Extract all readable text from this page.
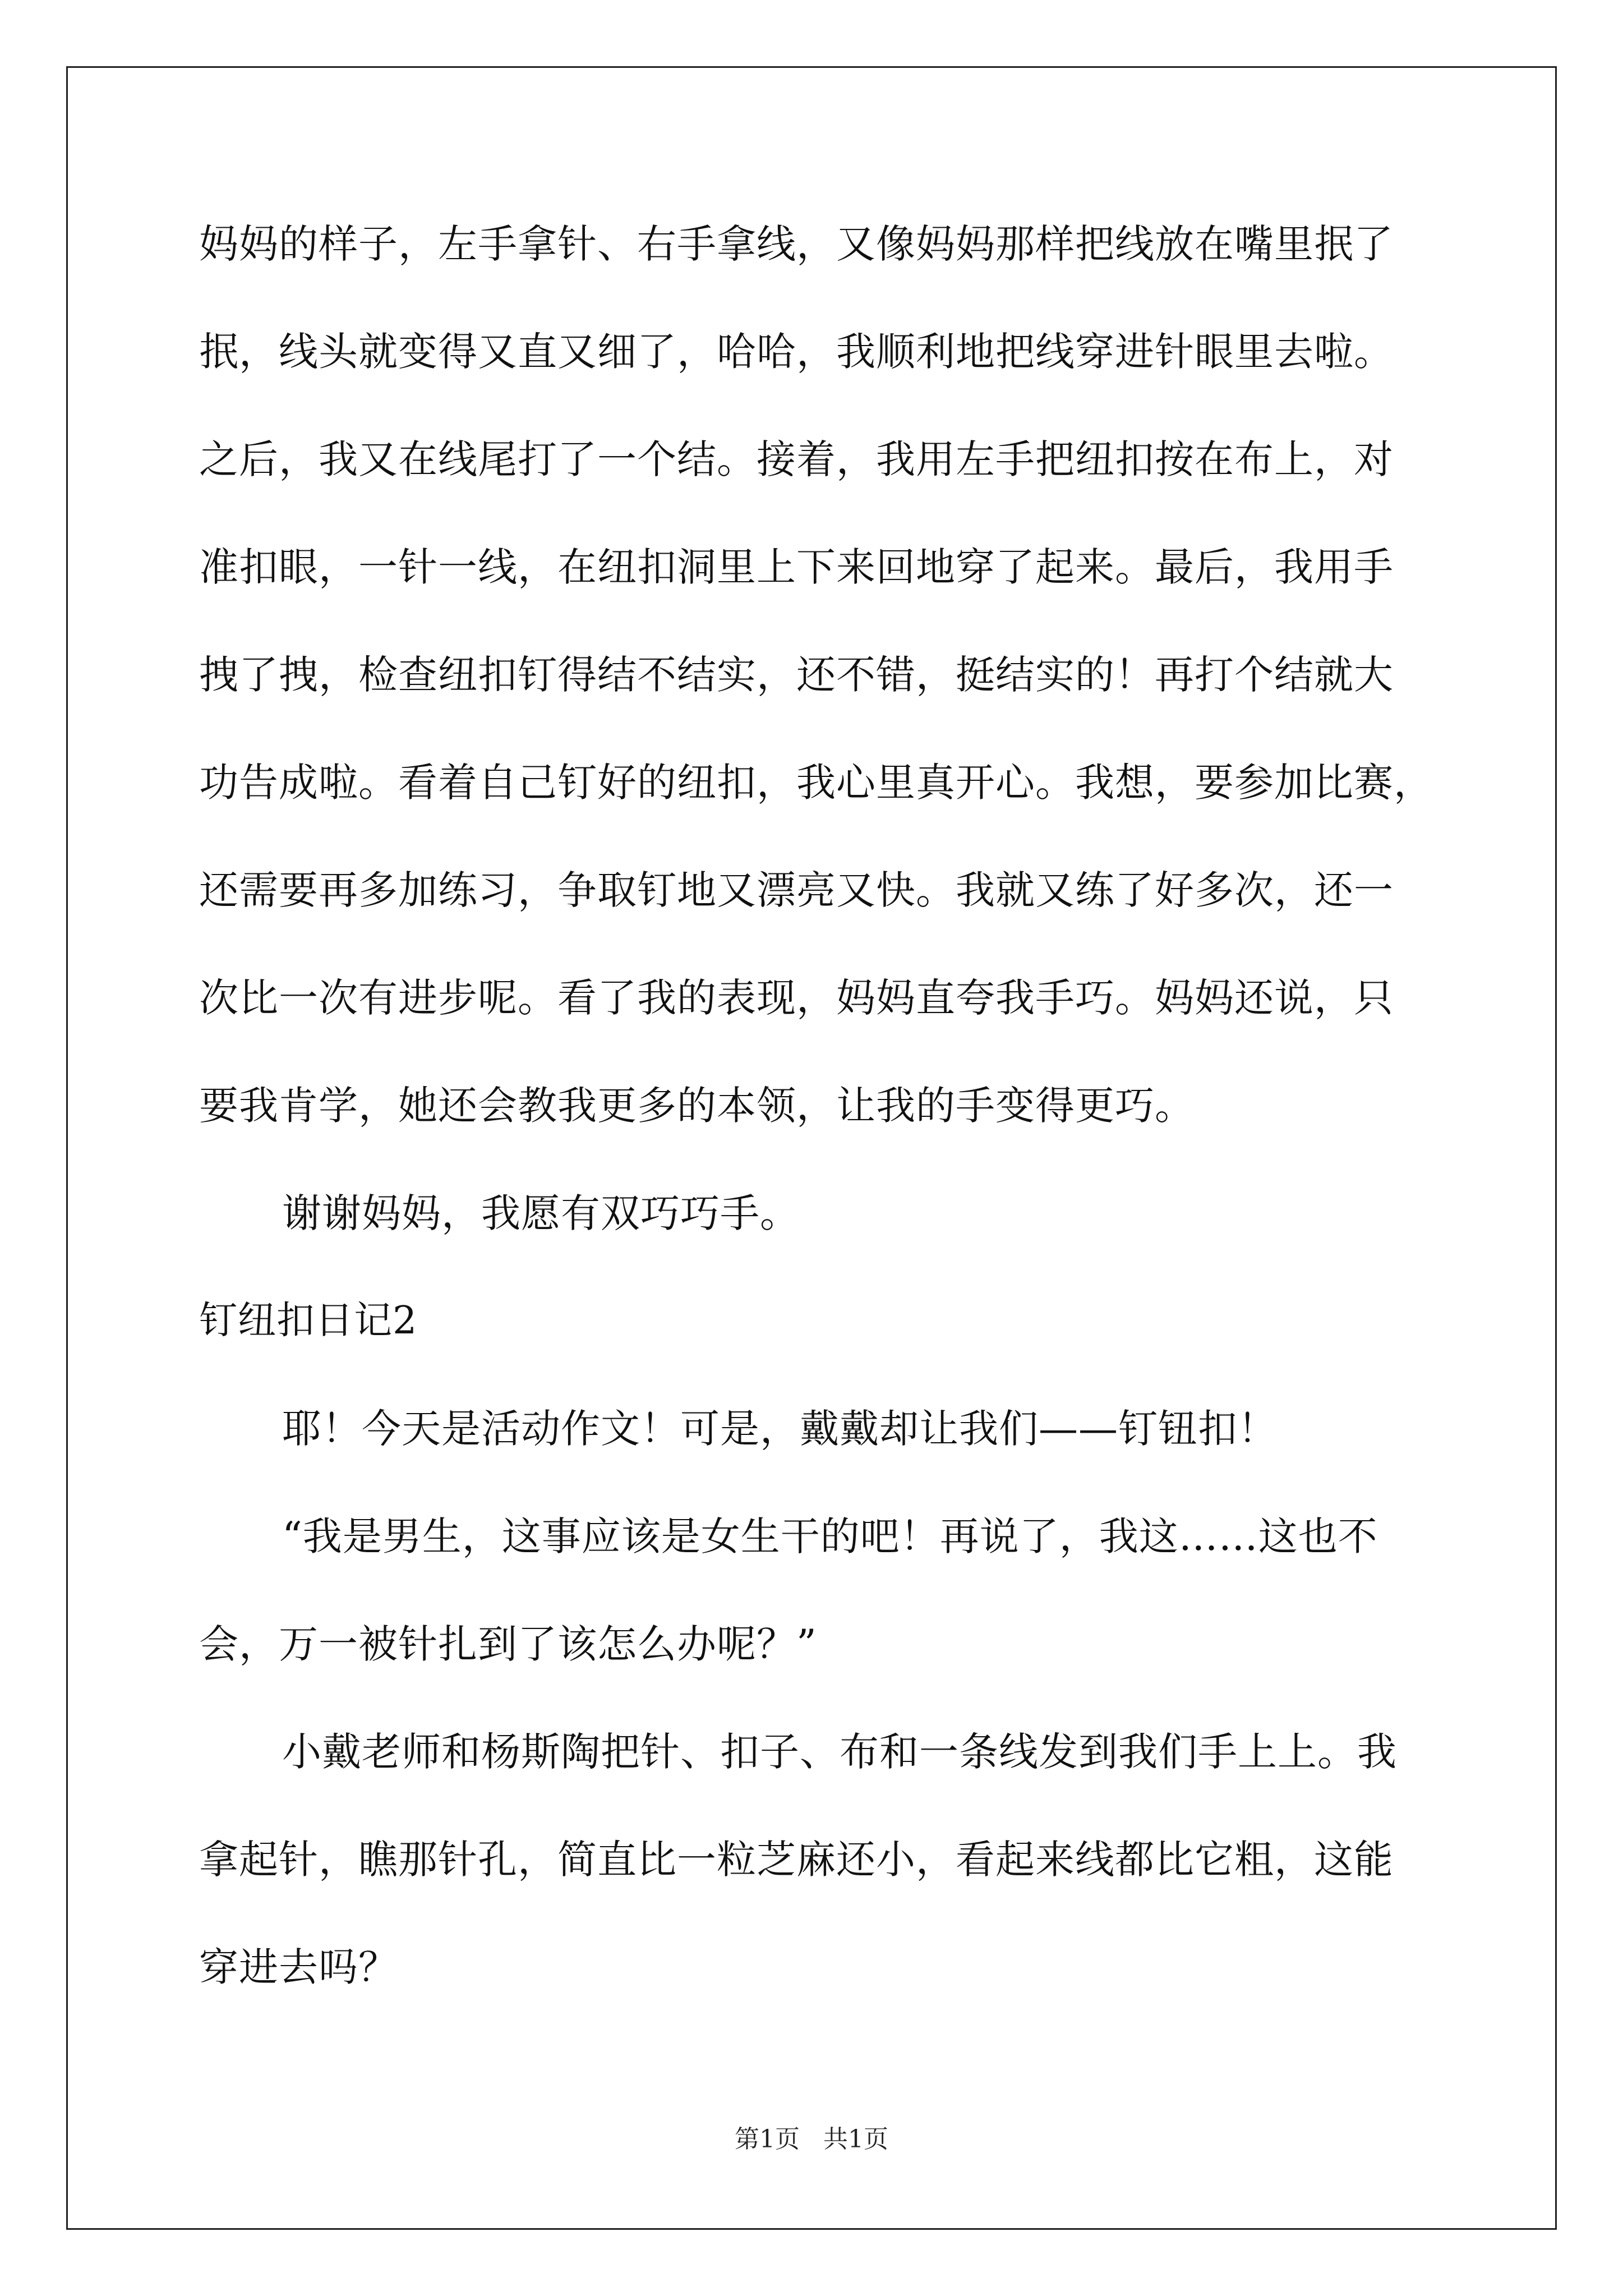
妈妈的样子，左手拿针、右手拿线，又像妈妈那样把线放在嘴里抿了
抿，线头就变得又直又细了，哈哈，我顺利地把线穿进针眼里去啦。
之后，我又在线尾打了一个结。接着，我用左手把纽扣按在布上，对
准扣眼，一针一线，在纽扣洞里上下来回地穿了起来。最后，我用手
拽了拽，检查纽扣钉得结不结实，还不错，挺结实的！再打个结就大
功告成啦。看着自己钉好的纽扣，我心里真开心。我想，要参加比赛，
还需要再多加练习，争取钉地又漂亮又快。我就又练了好多次，还一
次比一次有进步呢。看了我的表现，妈妈直夸我手巧。妈妈还说，只
要我肯学，她还会教我更多的本领，让我的手变得更巧。
谢谢妈妈，我愿有双巧巧手。
钉纽扣日记2
耶！今天是活动作文！可是，戴戴却让我们——钉钮扣！
“我是男生，这事应该是女生干的吧！再说了，我这……这也不
会，万一被针扎到了该怎么办呢？”
小戴老师和杨斯陶把针、扣子、布和一条线发到我们手上上。我
拿起针，瞧那针孔，简直比一粒芝麻还小，看起来线都比它粗，这能
穿进去吗？
第1页 共1页
